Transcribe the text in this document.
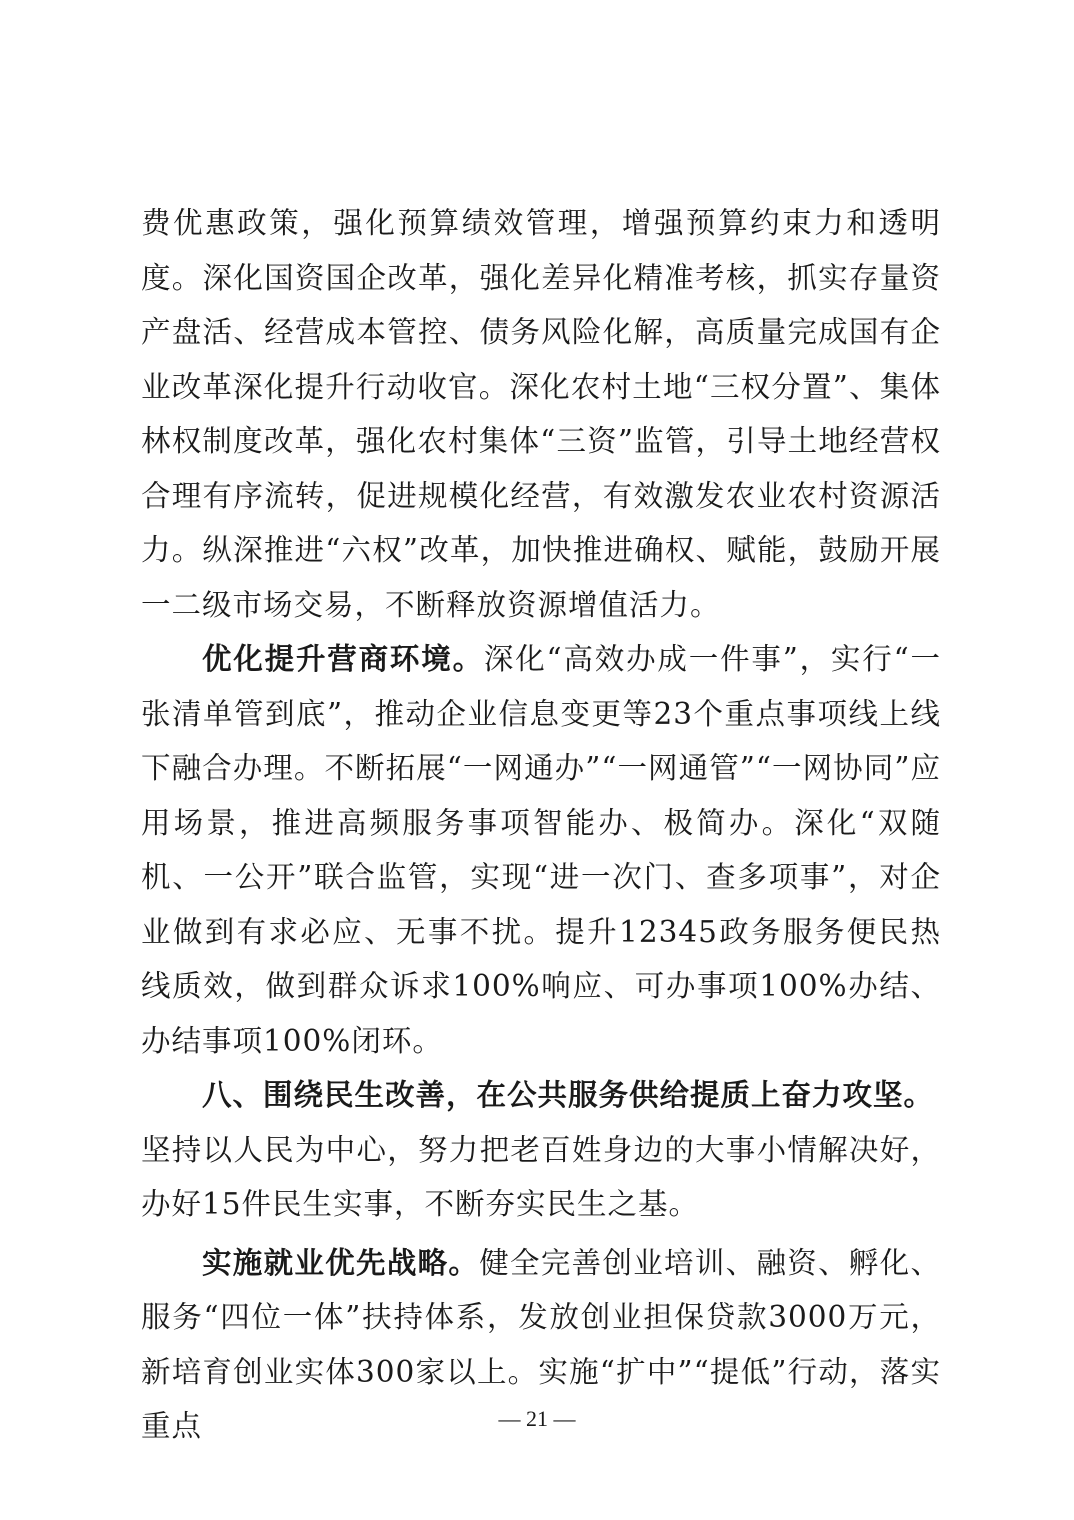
费优惠政策，强化预算绩效管理，增强预算约束力和透明度。深化国资国企改革，强化差异化精准考核，抓实存量资产盘活、经营成本管控、债务风险化解，高质量完成国有企业改革深化提升行动收官。深化农村土地“三权分置”、集体林权制度改革，强化农村集体“三资”监管，引导土地经营权合理有序流转，促进规模化经营，有效激发农业农村资源活力。纵深推进“六权”改革，加快推进确权、赋能，鼓励开展一二级市场交易，不断释放资源增值活力。

优化提升营商环境。深化“高效办成一件事”，实行“一张清单管到底”，推动企业信息变更等23个重点事项线上线下融合办理。不断拓展“一网通办”“一网通管”“一网协同”应用场景，推进高频服务事项智能办、极简办。深化“双随机、一公开”联合监管，实现“进一次门、查多项事”，对企业做到有求必应、无事不扰。提升12345政务服务便民热线质效，做到群众诉求100%响应、可办事项100%办结、办结事项100%闭环。

八、围绕民生改善，在公共服务供给提质上奋力攻坚。

坚持以人民为中心，努力把老百姓身边的大事小情解决好，办好15件民生实事，不断夯实民生之基。

实施就业优先战略。健全完善创业培训、融资、孵化、服务“四位一体”扶持体系，发放创业担保贷款3000万元，新培育创业实体300家以上。实施“扩中”“提低”行动，落实重点	— 21 —
